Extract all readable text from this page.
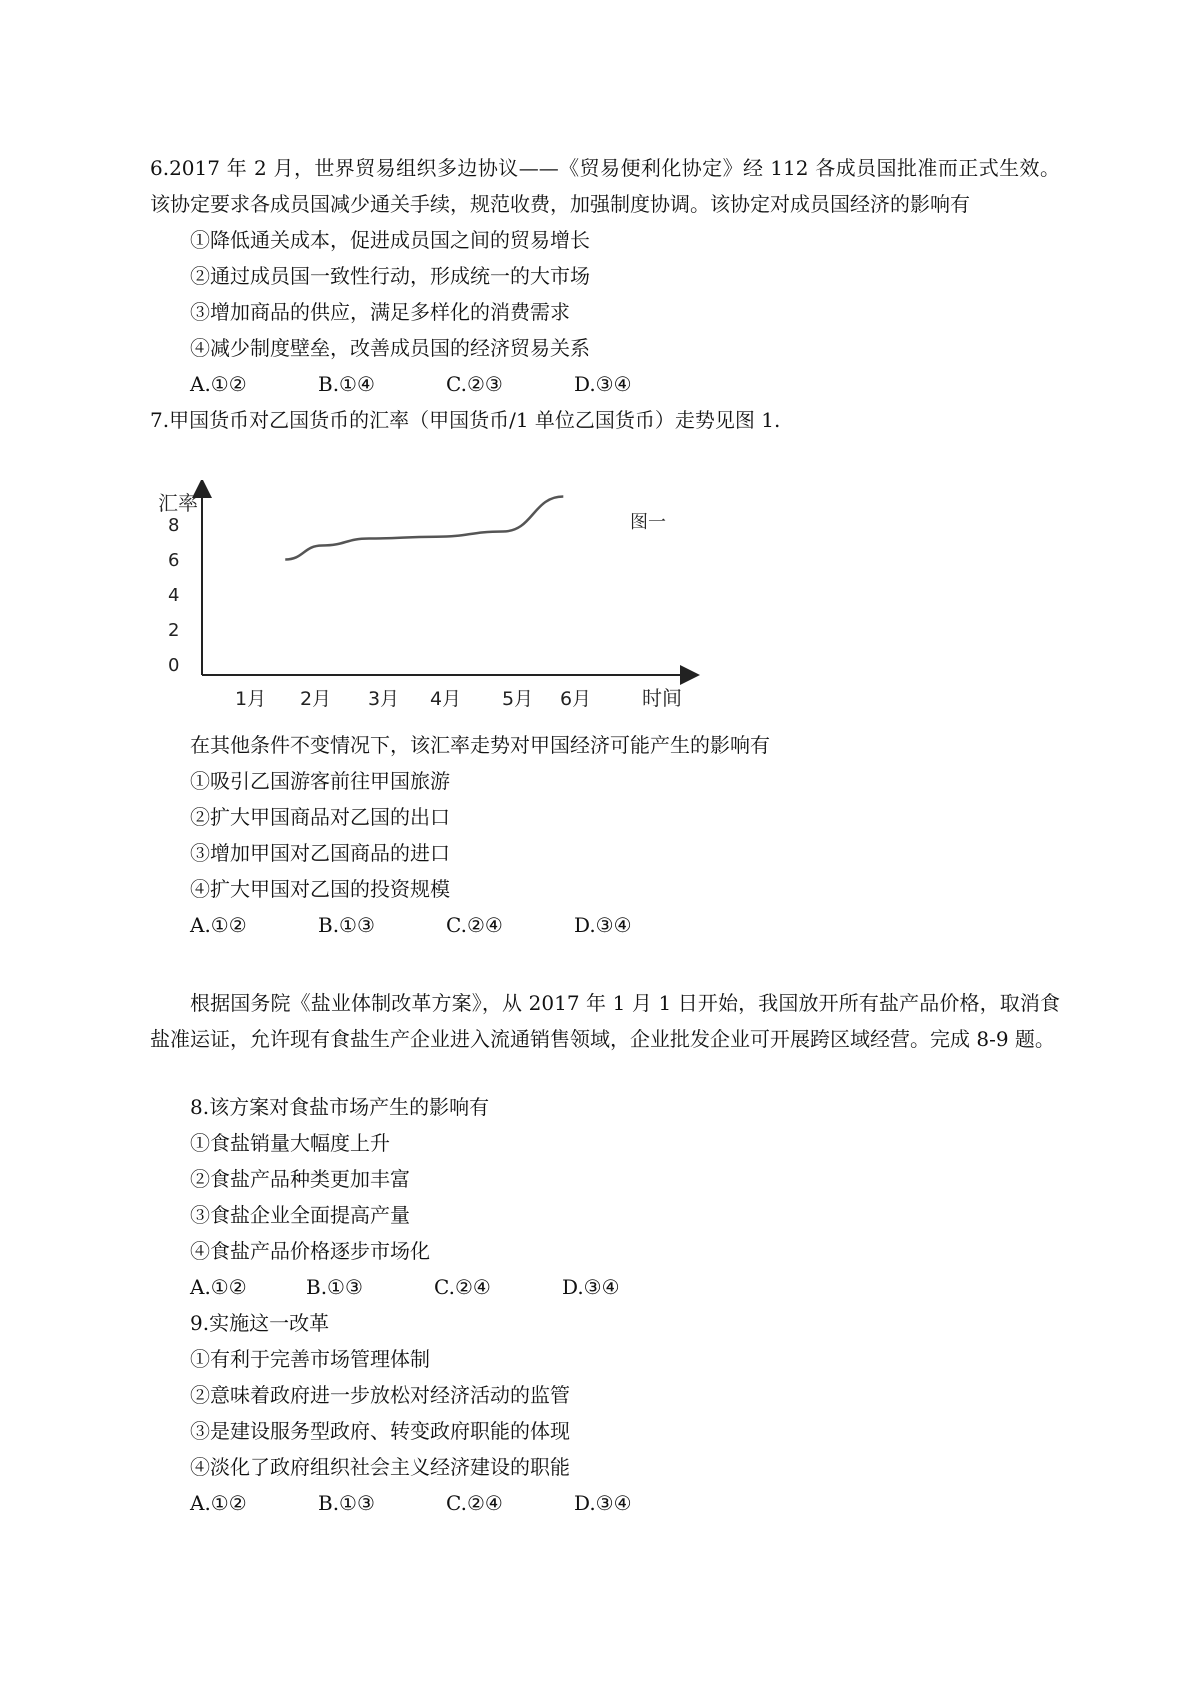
6.2017 年 2 月，世界贸易组织多边协议——《贸易便利化协定》经 112 各成员国批准而正式生效。该协定要求各成员国减少通关手续，规范收费，加强制度协调。该协定对成员国经济的影响有
①降低通关成本，促进成员国之间的贸易增长
②通过成员国一致性行动，形成统一的大市场
③增加商品的供应，满足多样化的消费需求
④减少制度壁垒，改善成员国的经济贸易关系
A.①②	B.①④	C.②③	D.③④
7.甲国货币对乙国货币的汇率（甲国货币/1 单位乙国货币）走势见图 1.
汇率
图一
时间
0
2
4
6
8
1月 2月 3月 4月 5月 6月
在其他条件不变情况下，该汇率走势对甲国经济可能产生的影响有
①吸引乙国游客前往甲国旅游
②扩大甲国商品对乙国的出口
③增加甲国对乙国商品的进口
④扩大甲国对乙国的投资规模
A.①②	B.①③	C.②④	D.③④
根据国务院《盐业体制改革方案》，从 2017 年 1 月 1 日开始，我国放开所有盐产品价格，取消食盐准运证，允许现有食盐生产企业进入流通销售领域，企业批发企业可开展跨区域经营。完成 8-9 题。
8.该方案对食盐市场产生的影响有
①食盐销量大幅度上升
②食盐产品种类更加丰富
③食盐企业全面提高产量
④食盐产品价格逐步市场化
A.①②	B.①③	C.②④	D.③④
9.实施这一改革
①有利于完善市场管理体制
②意味着政府进一步放松对经济活动的监管
③是建设服务型政府、转变政府职能的体现
④淡化了政府组织社会主义经济建设的职能
A.①②	B.①③	C.②④	D.③④
